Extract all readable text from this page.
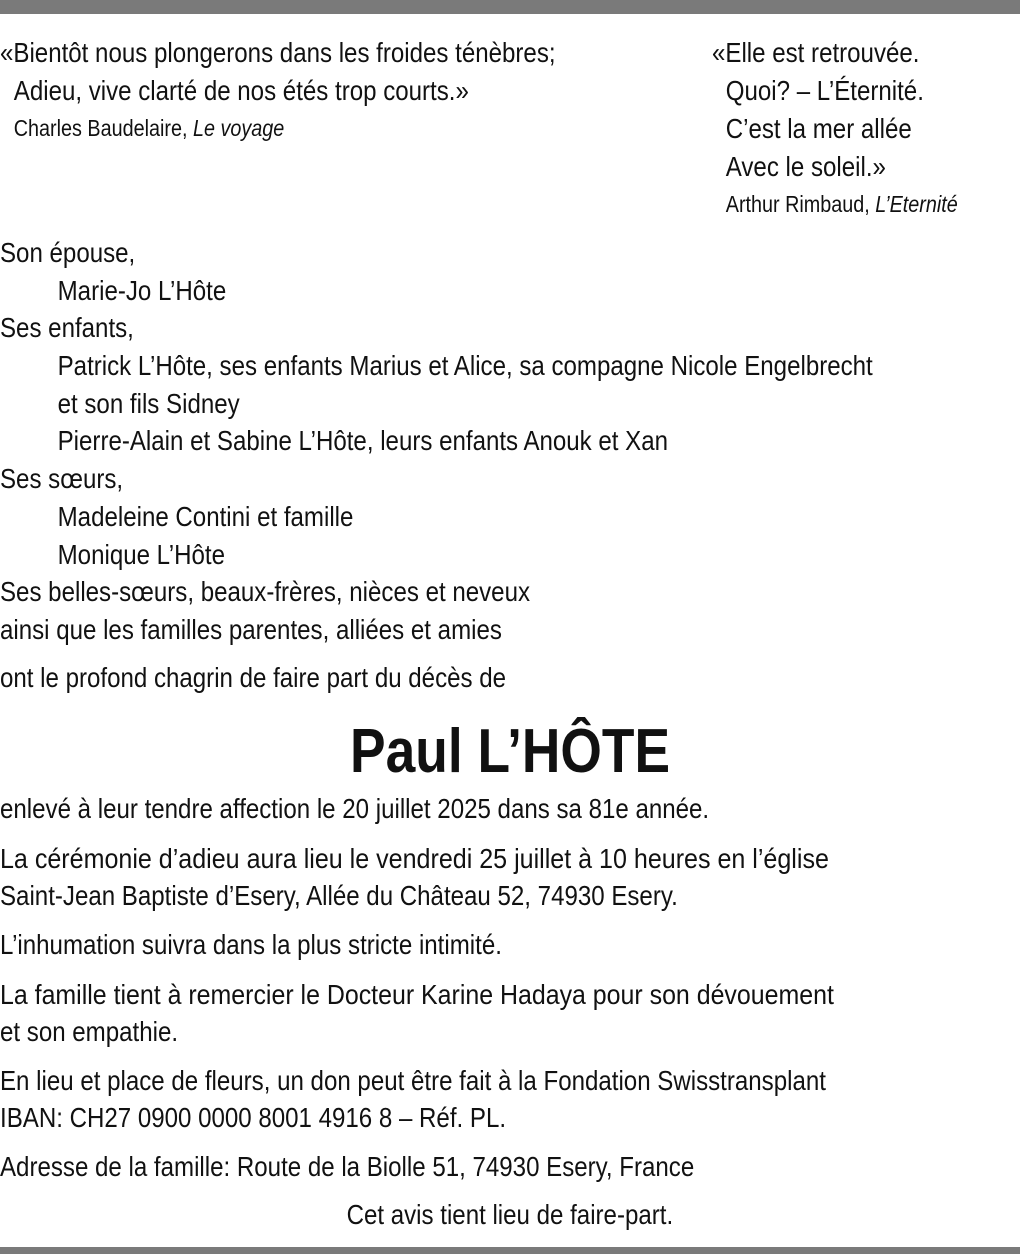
«Bientôt nous plongerons dans les froides ténèbres;
Adieu, vive clarté de nos étés trop courts.»
Charles Baudelaire, Le voyage
«Elle est retrouvée.
Quoi? – L’Éternité.
C’est la mer allée
Avec le soleil.»
Arthur Rimbaud, L’Eternité
Son épouse,
Marie-Jo L’Hôte
Ses enfants,
Patrick L’Hôte, ses enfants Marius et Alice, sa compagne Nicole Engelbrecht
et son fils Sidney
Pierre-Alain et Sabine L’Hôte, leurs enfants Anouk et Xan
Ses sœurs,
Madeleine Contini et famille
Monique L’Hôte
Ses belles-sœurs, beaux-frères, nièces et neveux
ainsi que les familles parentes, alliées et amies
ont le profond chagrin de faire part du décès de
Paul L’HÔTE
enlevé à leur tendre affection le 20 juillet 2025 dans sa 81e année.
La cérémonie d’adieu aura lieu le vendredi 25 juillet à 10 heures en l’église
Saint-Jean Baptiste d’Esery, Allée du Château 52, 74930 Esery.
L’inhumation suivra dans la plus stricte intimité.
La famille tient à remercier le Docteur Karine Hadaya pour son dévouement
et son empathie.
En lieu et place de fleurs, un don peut être fait à la Fondation Swisstransplant
IBAN: CH27 0900 0000 8001 4916 8 – Réf. PL.
Adresse de la famille: Route de la Biolle 51, 74930 Esery, France
Cet avis tient lieu de faire-part.
